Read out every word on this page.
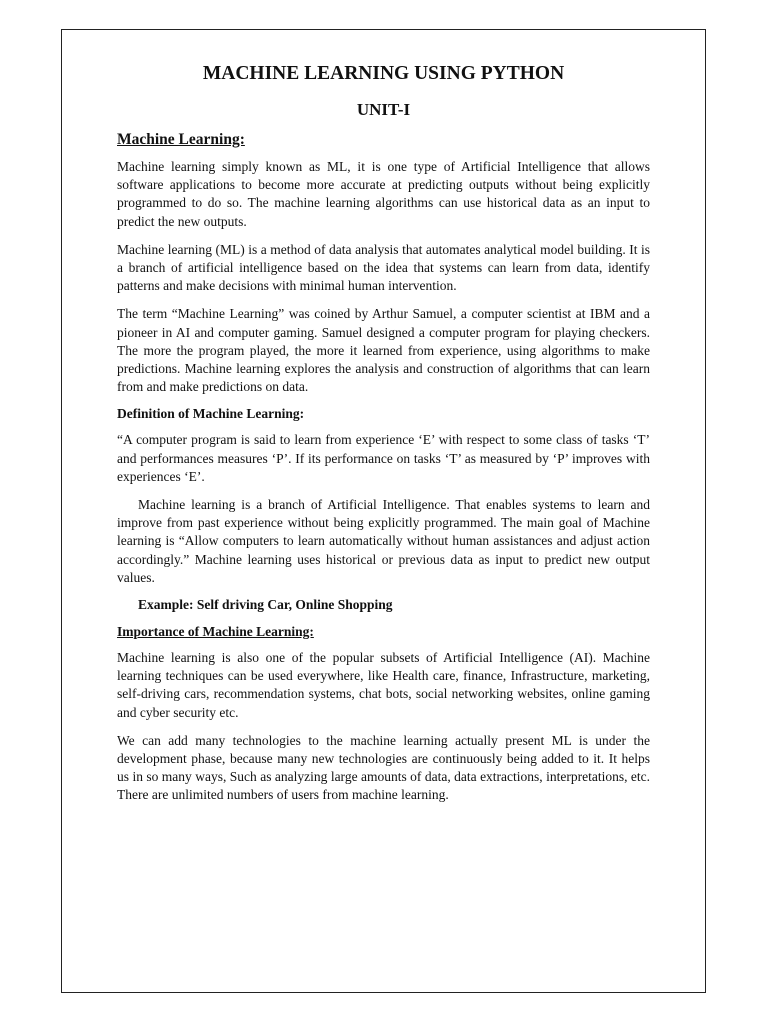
MACHINE LEARNING USING PYTHON
UNIT-I
Machine Learning:

Machine learning simply known as ML, it is one type of Artificial Intelligence that allows software applications to become more accurate at predicting outputs without being explicitly programmed to do so. The machine learning algorithms can use historical data as an input to predict the new outputs.

Machine learning (ML) is a method of data analysis that automates analytical model building. It is a branch of artificial intelligence based on the idea that systems can learn from data, identify patterns and make decisions with minimal human intervention.

The term “Machine Learning” was coined by Arthur Samuel, a computer scientist at IBM and a pioneer in AI and computer gaming. Samuel designed a computer program for playing checkers. The more the program played, the more it learned from experience, using algorithms to make predictions. Machine learning explores the analysis and construction of algorithms that can learn from and make predictions on data.

Definition of Machine Learning:

“A computer program is said to learn from experience ‘E’ with respect to some class of tasks ‘T’ and performances measures ‘P’. If its performance on tasks ‘T’ as measured by ‘P’ improves with experiences ‘E’.

Machine learning is a branch of Artificial Intelligence. That enables systems to learn and improve from past experience without being explicitly programmed. The main goal of Machine learning is “Allow computers to learn automatically without human assistances and adjust action accordingly.” Machine learning uses historical or previous data as input to predict new output values.

Example: Self driving Car, Online Shopping
Importance of Machine Learning:

Machine learning is also one of the popular subsets of Artificial Intelligence (AI). Machine learning techniques can be used everywhere, like Health care, finance, Infrastructure, marketing, self-driving cars, recommendation systems, chat bots, social networking websites, online gaming and cyber security etc.

We can add many technologies to the machine learning actually present ML is under the development phase, because many new technologies are continuously being added to it. It helps us in so many ways, Such as analyzing large amounts of data, data extractions, interpretations, etc. There are unlimited numbers of users from machine learning.
